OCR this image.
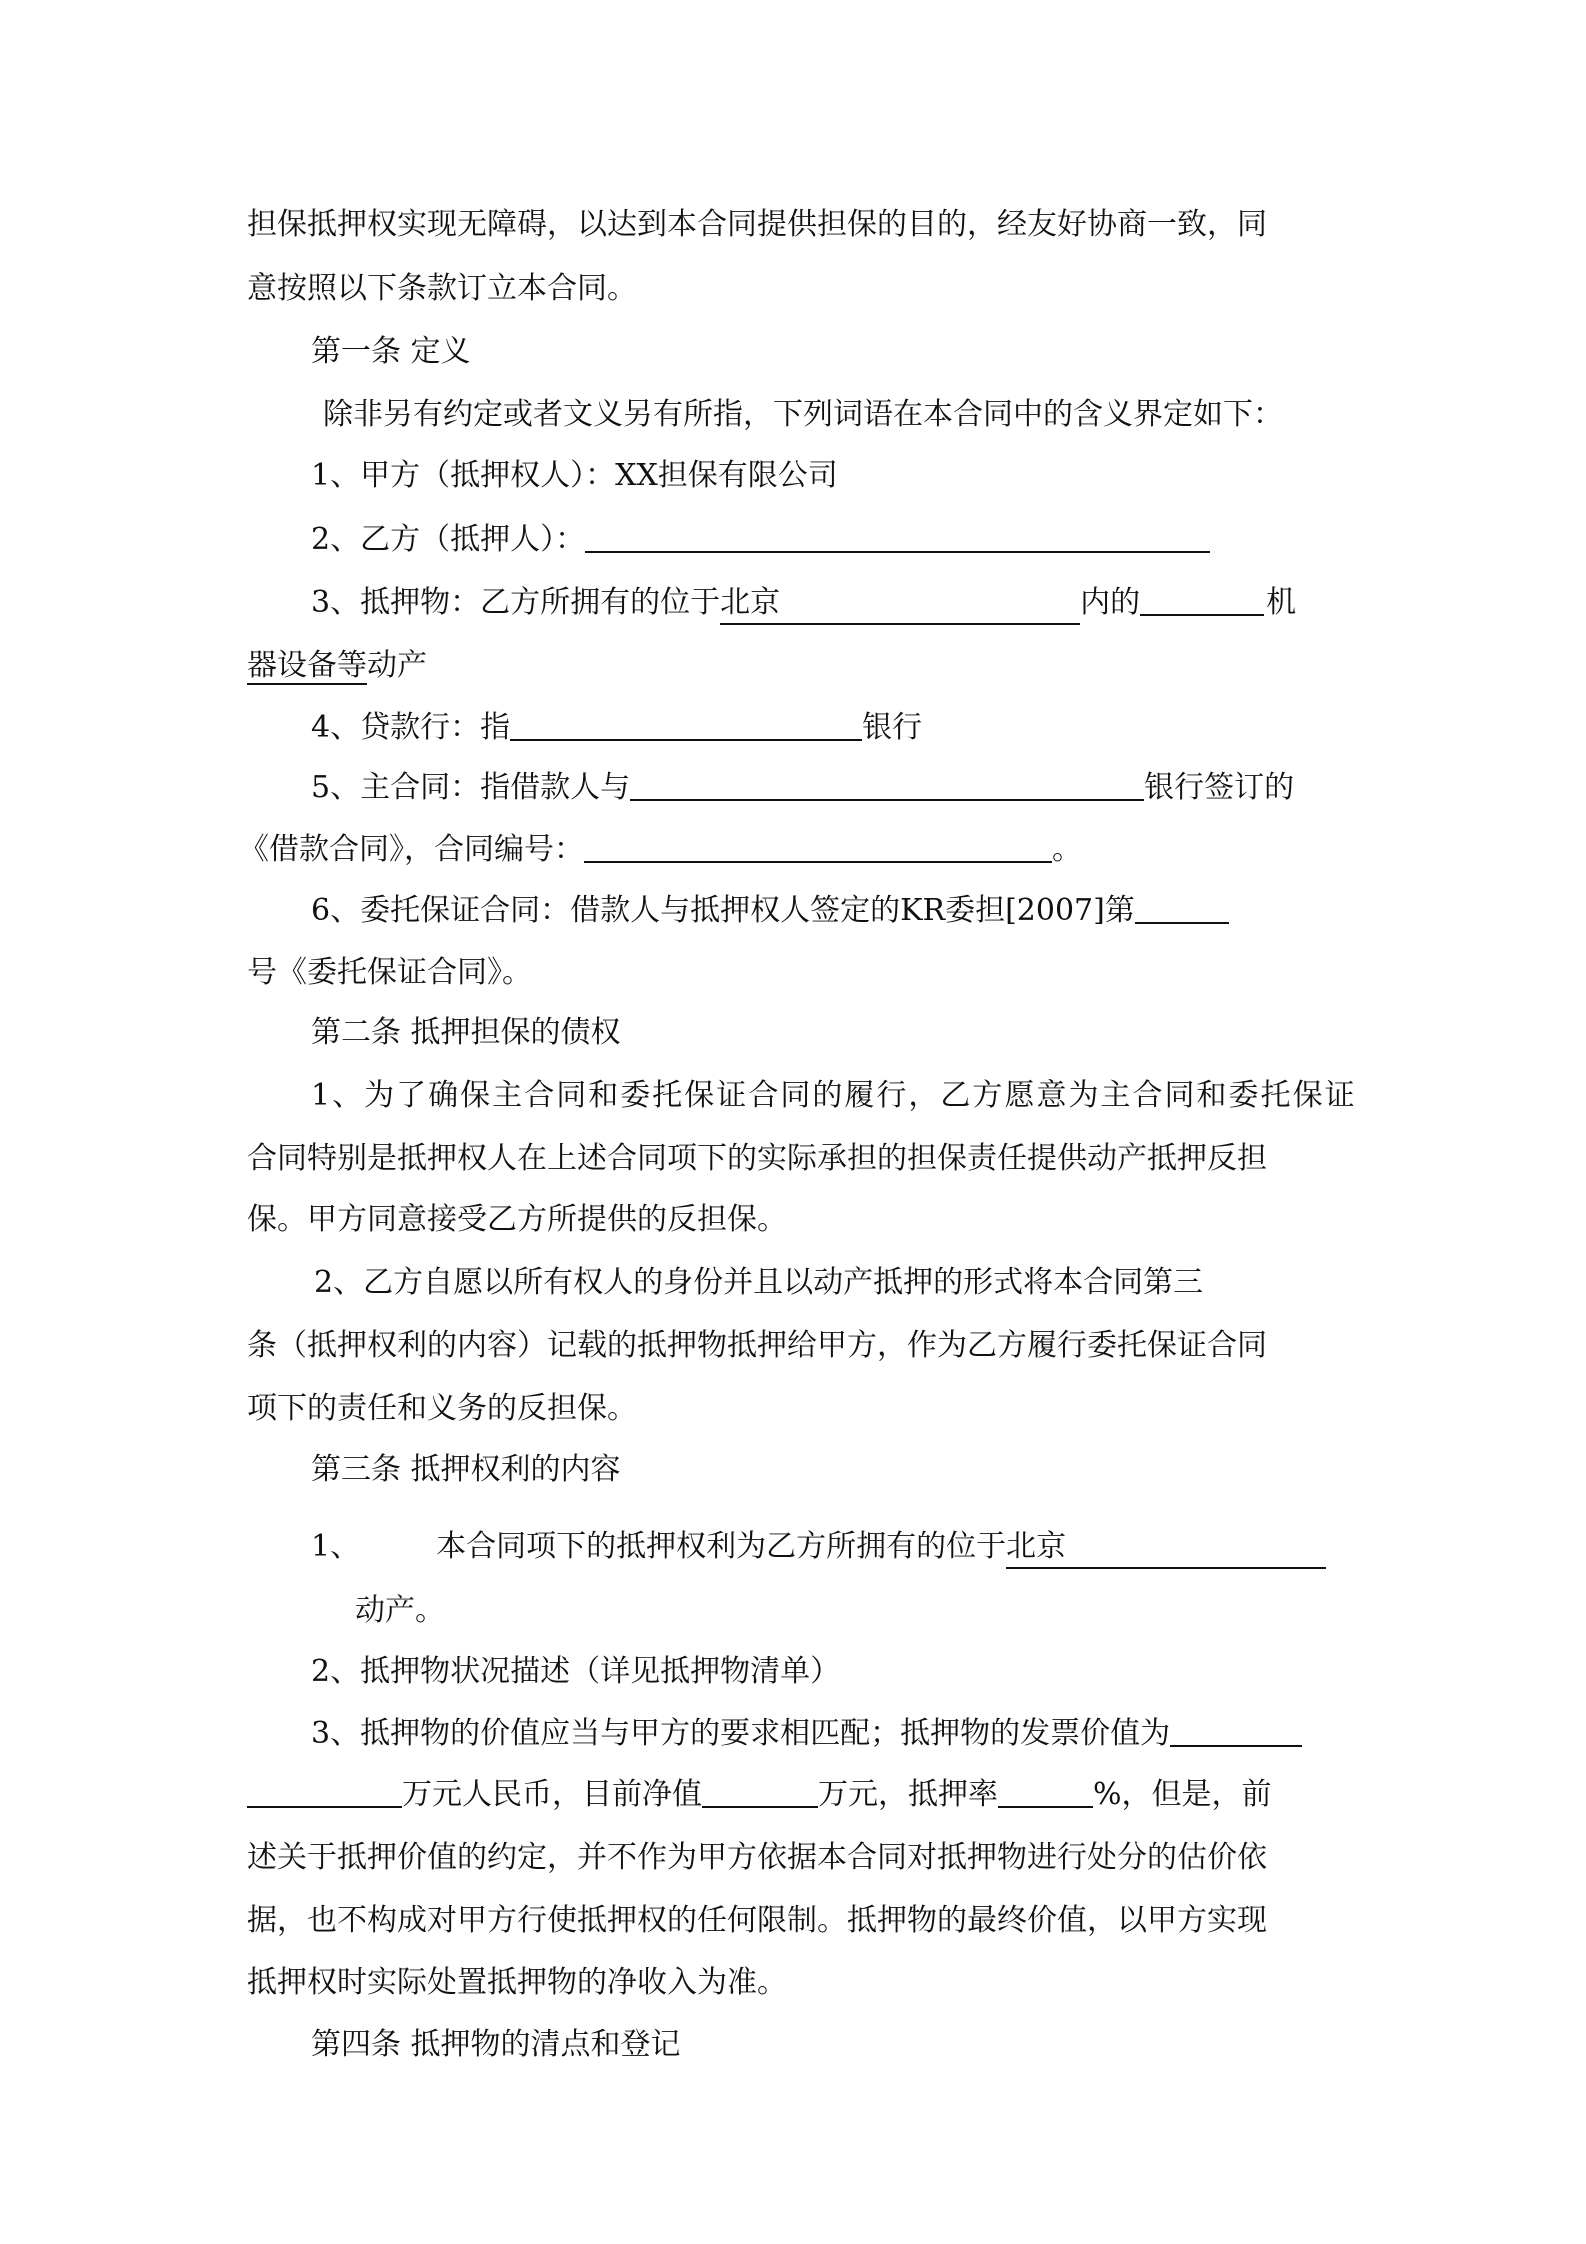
担保抵押权实现无障碍，以达到本合同提供担保的目的，经友好协商一致，同
意按照以下条款订立本合同。
第一条 定义
除非另有约定或者文义另有所指，下列词语在本合同中的含义界定如下：
1、甲方（抵押权人）：XX担保有限公司
2、乙方（抵押人）：
3、抵押物：乙方所拥有的位于北京	内的	机
器设备等动产
4、贷款行：指	银行
5、主合同：指借款人与	银行签订的
《借款合同》，合同编号：	。
6、委托保证合同：借款人与抵押权人签定的KR委担[2007]第
号《委托保证合同》。
第二条 抵押担保的债权
1 、 为 了 确 保 主 合 同 和 委 托 保 证 合 同 的 履 行 ， 乙 方 愿 意 为 主 合 同 和 委 托 保 证
合同特别是抵押权人在上述合同项下的实际承担的担保责任提供动产抵押反担
保。甲方同意接受乙方所提供的反担保。
2、乙方自愿以所有权人的身份并且以动产抵押的形式将本合同第三
条（抵押权利的内容）记载的抵押物抵押给甲方，作为乙方履行委托保证合同
项下的责任和义务的反担保。
第三条 抵押权利的内容
1、	本合同项下的抵押权利为乙方所拥有的位于北京
动产。
2、抵押物状况描述（详见抵押物清单）
3、抵押物的价值应当与甲方的要求相匹配；抵押物的发票价值为
万元人民币，目前净值	万元，抵押率	%，但是，前
述关于抵押价值的约定，并不作为甲方依据本合同对抵押物进行处分的估价依
据，也不构成对甲方行使抵押权的任何限制。抵押物的最终价值，以甲方实现
抵押权时实际处置抵押物的净收入为准。
第四条 抵押物的清点和登记
